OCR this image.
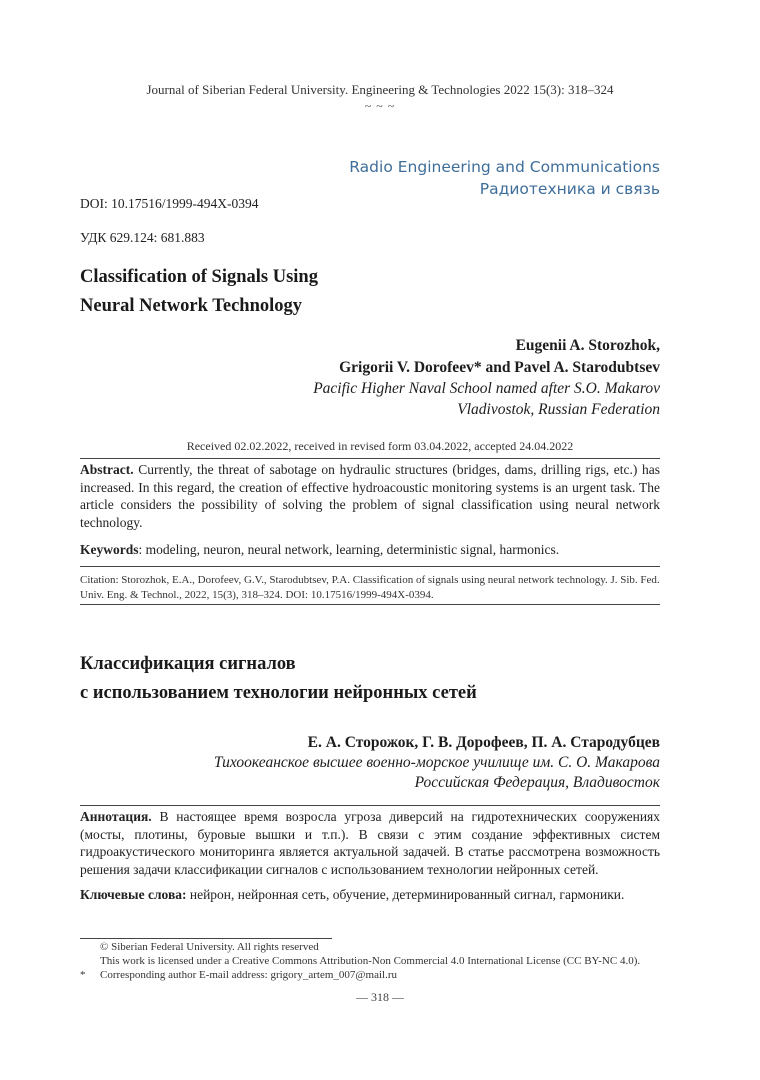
Journal of Siberian Federal University. Engineering & Technologies 2022 15(3): 318–324
~ ~ ~
Radio Engineering and Communications
Радиотехника и связь
DOI: 10.17516/1999-494X-0394
УДК 629.124: 681.883
Classification of Signals Using
Neural Network Technology
Eugenii A. Storozhok,
Grigorii V. Dorofeev* and Pavel A. Starodubtsev
Pacific Higher Naval School named after S.O. Makarov
Vladivostok, Russian Federation
Received 02.02.2022, received in revised form 03.04.2022, accepted 24.04.2022
Abstract. Currently, the threat of sabotage on hydraulic structures (bridges, dams, drilling rigs, etc.) has increased. In this regard, the creation of effective hydroacoustic monitoring systems is an urgent task. The article considers the possibility of solving the problem of signal classification using neural network technology.
Keywords: modeling, neuron, neural network, learning, deterministic signal, harmonics.
Citation: Storozhok, E.A., Dorofeev, G.V., Starodubtsev, P.A. Classification of signals using neural network technology. J. Sib. Fed. Univ. Eng. & Technol., 2022, 15(3), 318–324. DOI: 10.17516/1999-494X-0394.
Классификация сигналов
с использованием технологии нейронных сетей
Е. А. Сторожок, Г. В. Дорофеев, П. А. Стародубцев
Тихоокеанское высшее военно-морское училище им. С. О. Макарова
Российская Федерация, Владивосток
Аннотация. В настоящее время возросла угроза диверсий на гидротехнических сооружениях (мосты, плотины, буровые вышки и т.п.). В связи с этим создание эффективных систем гидроакустического мониторинга является актуальной задачей. В статье рассмотрена возможность решения задачи классификации сигналов с использованием технологии нейронных сетей.
Ключевые слова: нейрон, нейронная сеть, обучение, детерминированный сигнал, гармоники.
© Siberian Federal University. All rights reserved
This work is licensed under a Creative Commons Attribution-Non Commercial 4.0 International License (CC BY-NC 4.0).
* Corresponding author E-mail address: grigory_artem_007@mail.ru
— 318 —
